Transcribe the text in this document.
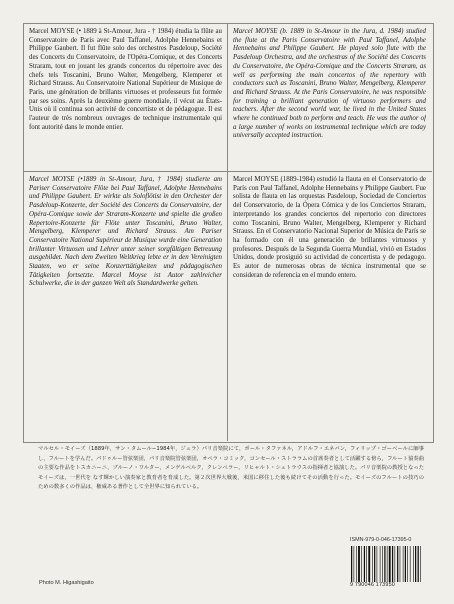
Marcel MOYSE (• 1889 à St-Amour, Jura - † 1984) étudia la flûte au Conservatoire de Paris avec Paul Taffanel, Adolphe Hennebains et Philippe Gaubert. Il fut flûte solo des orchestres Pasdeloup, Société des Concerts du Conservatoire, de l'Opéra-Comique, et des Concerts Straram, tout en jouant les grands concertos du répertoire avec des chefs tels Toscanini, Bruno Walter, Mengelberg, Klemperer et Richard Strauss. Au Conservatoire National Supérieur de Musique de Paris, une génération de brillants virtuoses et professeurs fut formée par ses soins. Après la deuxième guerre mondiale, il vécut au États-Unis où il continua son activité de concertiste et de pédagogue. Il est l'auteur de très nombreux ouvrages de technique instrumentale qui font autorité dans le monde entier.
Marcel MOYSE (b. 1889 in St-Amour in the Jura, d. 1984) studied the flute at the Paris Conservatoire with Paul Taffanel, Adolphe Hennebains and Philippe Gaubert. He played solo flute with the Pasdeloup Orchestra, and the orchestras of the Société des Concerts du Conservatoire, the Opéra-Comique and the Concerts Straram, as well as performing the main concertos of the repertory with conductors such as Toscanini, Bruno Walter, Mengelberg, Klemperer and Richard Strauss. At the Paris Conservatoire, he was responsible for training a brilliant generation of virtuoso performers and teachers. After the second world war, he lived in the United States where he continued both to perform and teach. He was the author of a large number of works on instrumental technique which are today universally accepted instruction.
Marcel MOYSE (•1889 in St-Amour, Jura, † 1984) studierte am Pariser Conservatoire Flöte bei Paul Taffanel, Adolphe Hennebains und Philippe Gaubert. Er wirkte als Soloflötist in den Orchester der Pasdeloup-Konzerte, der Société des Concerts du Conservatoire, der Opéra-Comique sowie der Straram-Konzerte und spielte die großen Repertoire-Konzerte für Flöte unter Toscanini, Bruno Walter, Mengelberg, Klemperer und Richard Strauss. Am Pariser Conservatoire National Supérieur de Musique wurde eine Generation brillanter Virtuosen und Lehrer unter seiner sorgfältigen Betreuung ausgebildet. Nach dem Zweiten Weltkrieg lebte er in den Vereinigten Staaten, wo er seine Konzerttätigkeiten und pädagogischen Tätigkeiten fortsetzte. Marcel Moyse ist Autor zahlreicher Schulwerke, die in der ganzen Welt als Standardwerke gelten.
Marcel MOYSE (1889-1984) estudió la flauta en el Conservatorio de París con Paul Taffanel, Adolphe Hennebains y Philippe Gaubert. Fue solista de flauta en las orquestas Pasdeloup, Sociedad de Conciertos del Conservatorio, de la Ópera Cómica y de los Conciertos Straram, interpretando los grandes conciertos del repertorio con directores como Toscanini, Bruno Walter, Mengelberg, Klemperer y Richard Strauss. En el Conservatorio Nacional Superior de Música de París se ha formado con él una generación de brillantes virtuosos y profesores. Después de la Segunda Guerra Mundial, vivió en Estados Unidos, donde prosiguió su actividad de concertista y de pedagogo. Es autor de numerosas obras de técnica instrumental que se consideran de referencia en el mundo entero.
マルセル・モイーズ（1889年，サン・タムール−1984年，ジュラ）パリ音楽院にて，ポール・タファネル，アドルフ・エネバン，フィリップ・ゴーベールに師事し，フルートを学んだ。パドゥルー管弦楽団，パリ音楽院管弦楽団，オペラ・コミック，コンセール・ストララムの首席奏者として活躍する傍ら，フルート協奏曲の主要な作品をトスカニーニ，ブルーノ・ワルター，メンゲルベルク，クレンペラー，リヒャルト・シュトラウスの指揮者と協演した。パリ音楽院の教授となったモイーズは，一世代を なす輝かしい演奏家と教育者を育成した。第２次世界大戦後，米国に移住した後も続けてその活動を行った。モイーズのフルートの技巧のための数多くの作品は，権威ある著作として全世界に知られている。
ISMN-979-0-046-17395-0
9 790046 173950
Photo M. Higashigaito
